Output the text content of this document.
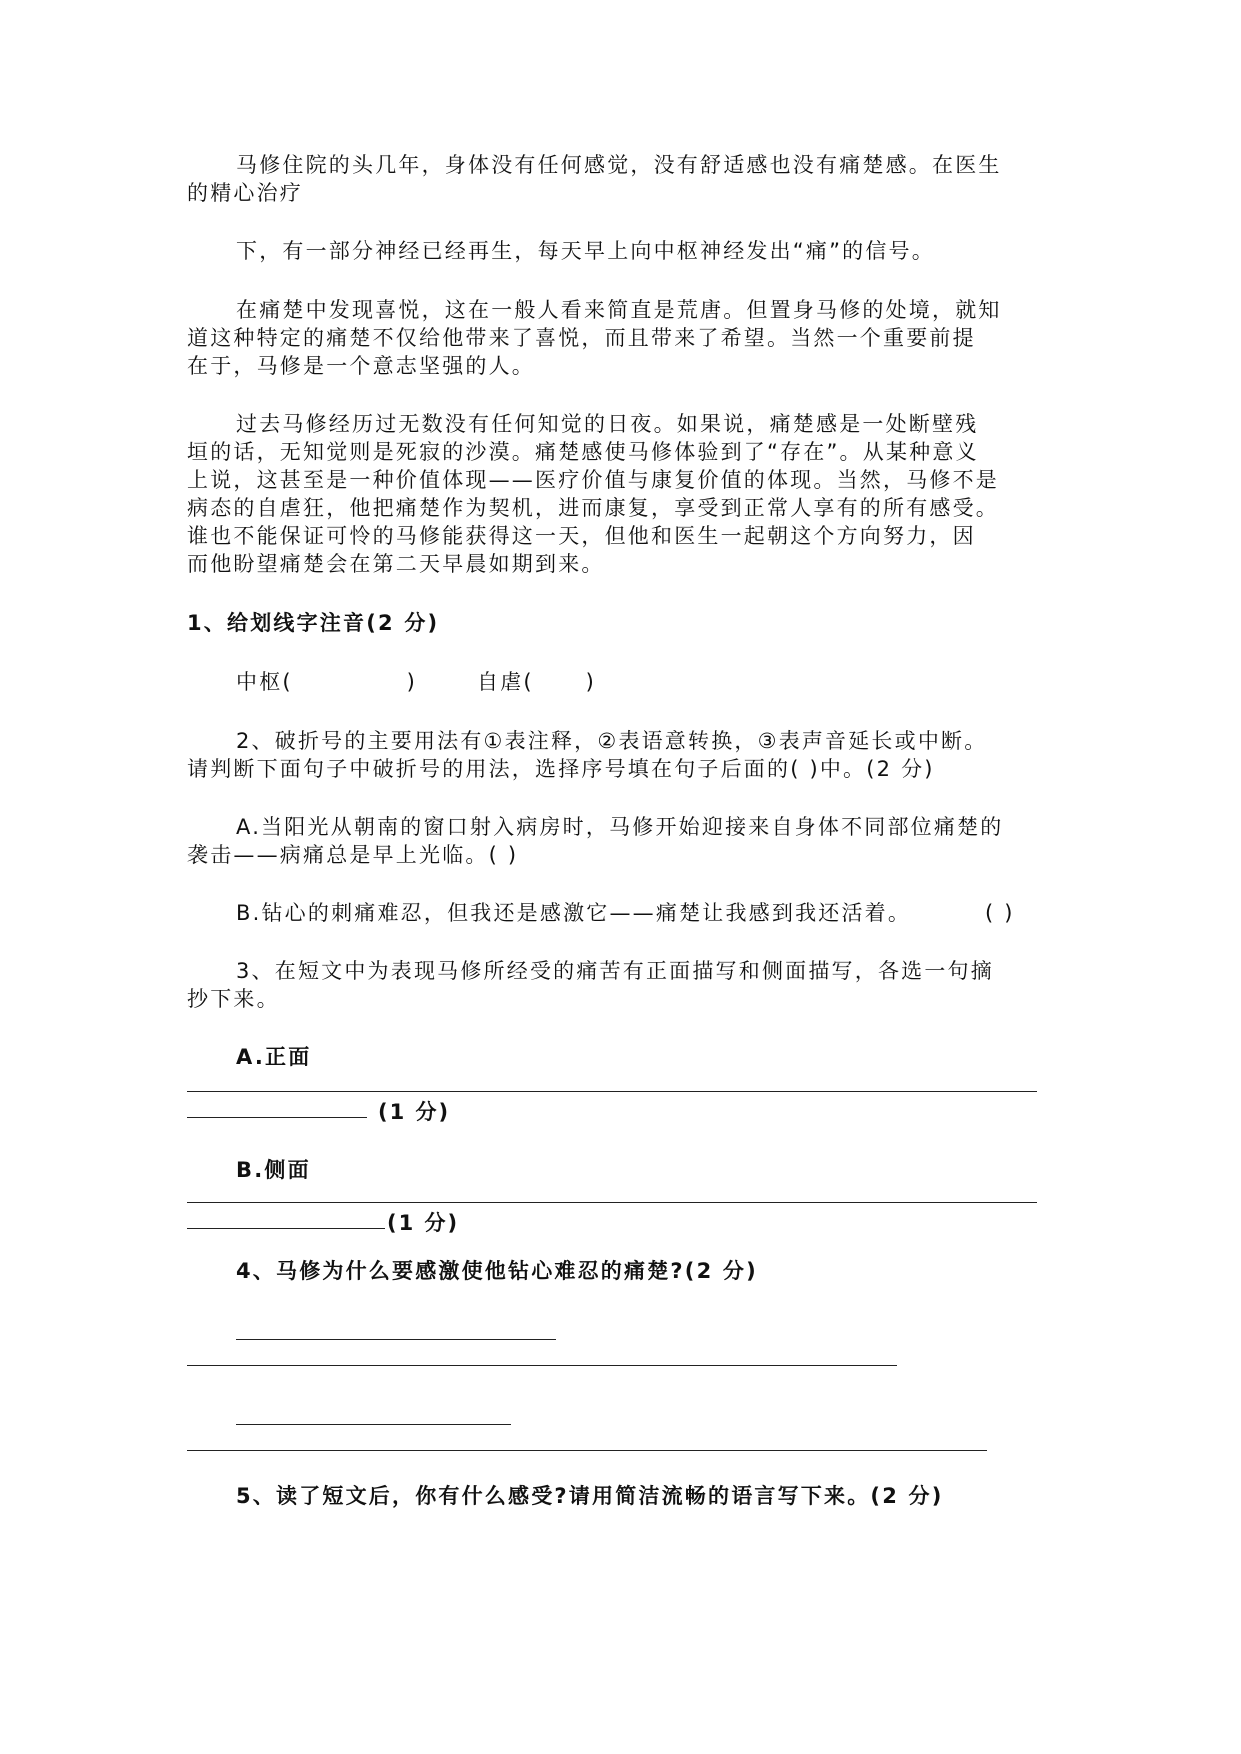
马修住院的头几年，身体没有任何感觉，没有舒适感也没有痛楚感。在医生
的精心治疗
下，有一部分神经已经再生，每天早上向中枢神经发出“痛”的信号。
在痛楚中发现喜悦，这在一般人看来简直是荒唐。但置身马修的处境，就知
道这种特定的痛楚不仅给他带来了喜悦，而且带来了希望。当然一个重要前提
在于，马修是一个意志坚强的人。
过去马修经历过无数没有任何知觉的日夜。如果说，痛楚感是一处断壁残
垣的话，无知觉则是死寂的沙漠。痛楚感使马修体验到了“存在”。从某种意义
上说，这甚至是一种价值体现——医疗价值与康复价值的体现。当然，马修不是
病态的自虐狂，他把痛楚作为契机，进而康复，享受到正常人享有的所有感受。
谁也不能保证可怜的马修能获得这一天，但他和医生一起朝这个方向努力，因
而他盼望痛楚会在第二天早晨如期到来。
1、给划线字注音(2 分)
中枢(	)	自虐( )
2、破折号的主要用法有①表注释，②表语意转换，③表声音延长或中断。
请判断下面句子中破折号的用法，选择序号填在句子后面的( )中。(2 分)
A.当阳光从朝南的窗口射入病房时，马修开始迎接来自身体不同部位痛楚的
袭击——病痛总是早上光临。( )
B.钻心的刺痛难忍，但我还是感激它——痛楚让我感到我还活着。	( )
3、在短文中为表现马修所经受的痛苦有正面描写和侧面描写，各选一句摘
抄下来。
A.正面
(1 分)
B.侧面
(1 分)
4、马修为什么要感激使他钻心难忍的痛楚?(2 分)
5、读了短文后，你有什么感受?请用简洁流畅的语言写下来。(2 分)
